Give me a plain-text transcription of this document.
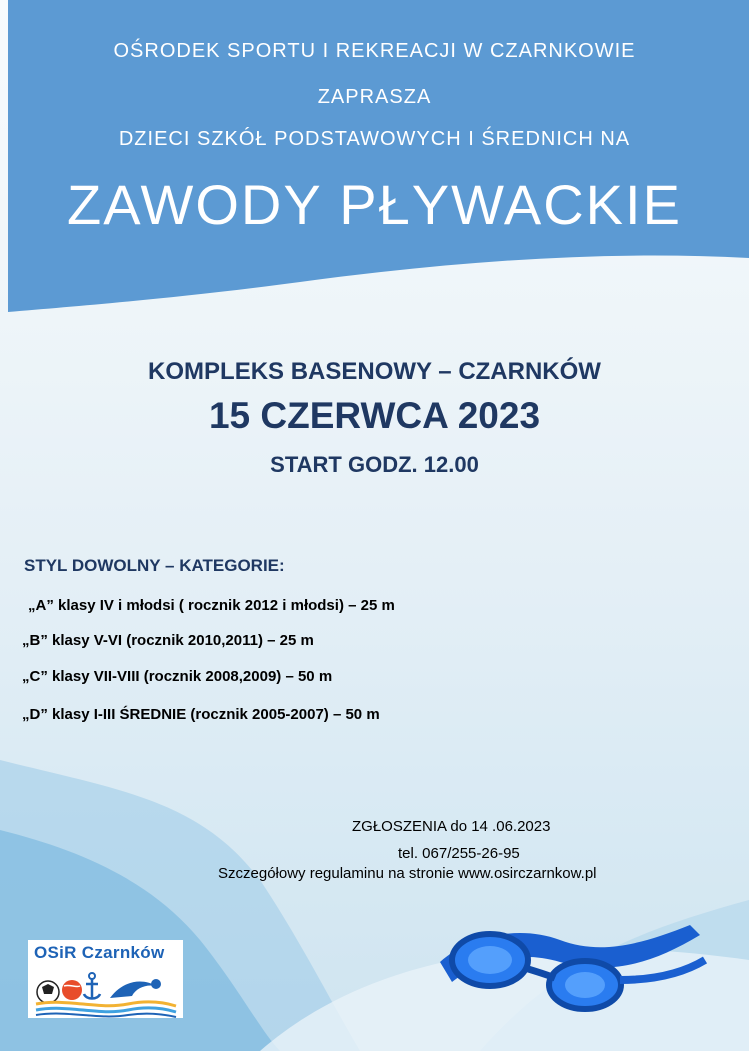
OŚRODEK SPORTU I REKREACJI W CZARNKOWIE
ZAPRASZA
DZIECI SZKÓŁ PODSTAWOWYCH I ŚREDNICH NA
ZAWODY PŁYWACKIE
KOMPLEKS BASENOWY – CZARNKÓW
15 CZERWCA 2023
START GODZ. 12.00
STYL DOWOLNY – KATEGORIE:
„A” klasy IV i młodsi ( rocznik 2012 i młodsi) – 25 m
„B” klasy V-VI (rocznik 2010,2011) – 25 m
„C” klasy VII-VIII (rocznik 2008,2009) – 50 m
„D” klasy I-III ŚREDNIE (rocznik 2005-2007) – 50 m
ZGŁOSZENIA do 14 .06.2023
tel. 067/255-26-95
Szczegółowy regulaminu na stronie www.osirczarnkow.pl
OSiR Czarnków
